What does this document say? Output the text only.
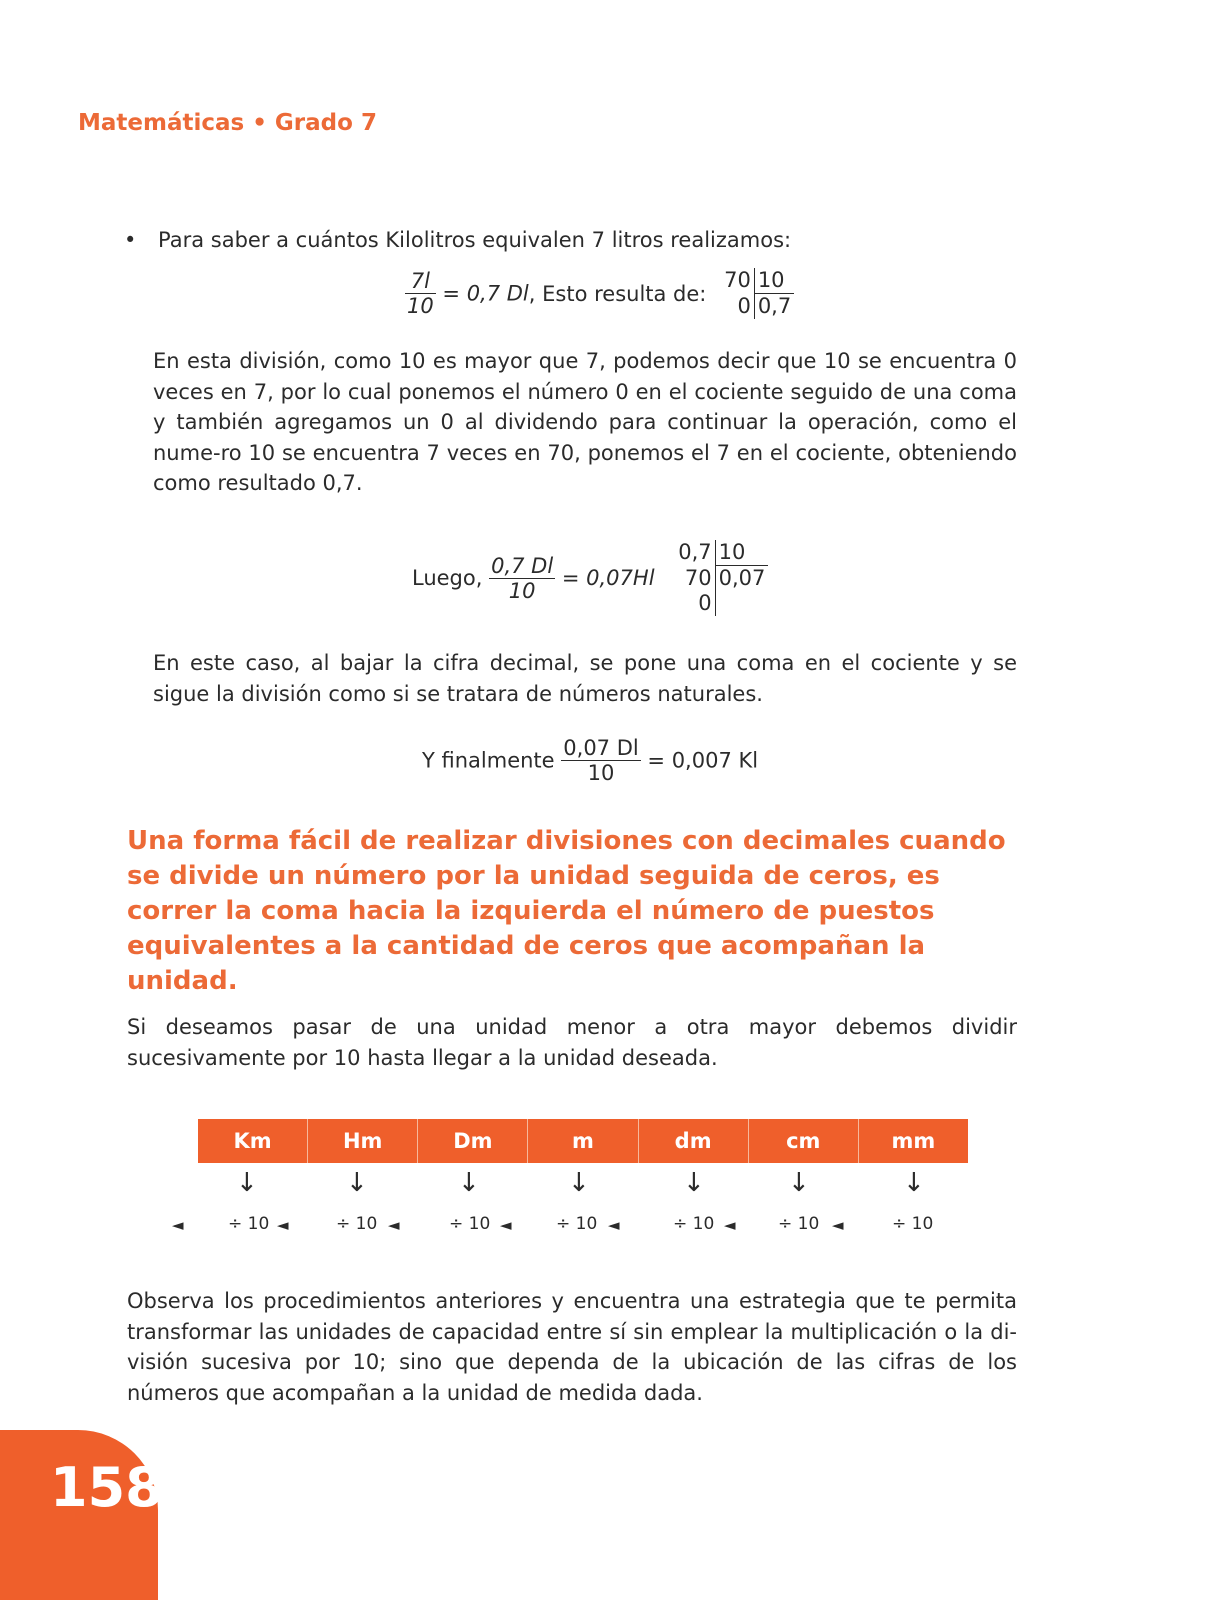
Matemáticas • Grado 7
• Para saber a cuántos Kilolitros equivalen 7 litros realizamos:
$\frac{7l}{10} = 0,7$ Dl, Esto resulta de:
70	10
0	0,7
En esta división, como 10 es mayor que 7, podemos decir que 10 se encuentra 0 veces en 7, por lo cual ponemos el número 0 en el cociente seguido de una coma y también agregamos un 0 al dividendo para continuar la operación, como el nume-ro 10 se encuentra 7 veces en 70, ponemos el 7 en el cociente, obteniendo como resultado 0,7.
Luego, $\frac{0,7 Dl}{10} = 0,07Hl$
0,7	10
70	0,07
0	
En este caso, al bajar la cifra decimal, se pone una coma en el cociente y se sigue la división como si se tratara de números naturales.
Y finalmente $\frac{0,07 Dl}{10} = 0,007$ Kl
Una forma fácil de realizar divisiones con decimales cuando se divide un número por la unidad seguida de ceros, es correr la coma hacia la izquierda el número de puestos equivalentes a la cantidad de ceros que acompañan la unidad.
Si deseamos pasar de una unidad menor a otra mayor debemos dividir sucesivamente por 10 hasta llegar a la unidad deseada.
Km	Hm	Dm	m	dm	cm	mm
↓	↓	↓	↓	↓	↓	↓
÷ 10	÷ 10	÷ 10	÷ 10	÷ 10	÷ 10	÷ 10
◄	◄	◄	◄	◄	◄	◄
Observa los procedimientos anteriores y encuentra una estrategia que te permita transformar las unidades de capacidad entre sí sin emplear la multiplicación o la di-visión sucesiva por 10; sino que dependa de la ubicación de las cifras de los números que acompañan a la unidad de medida dada.
158
